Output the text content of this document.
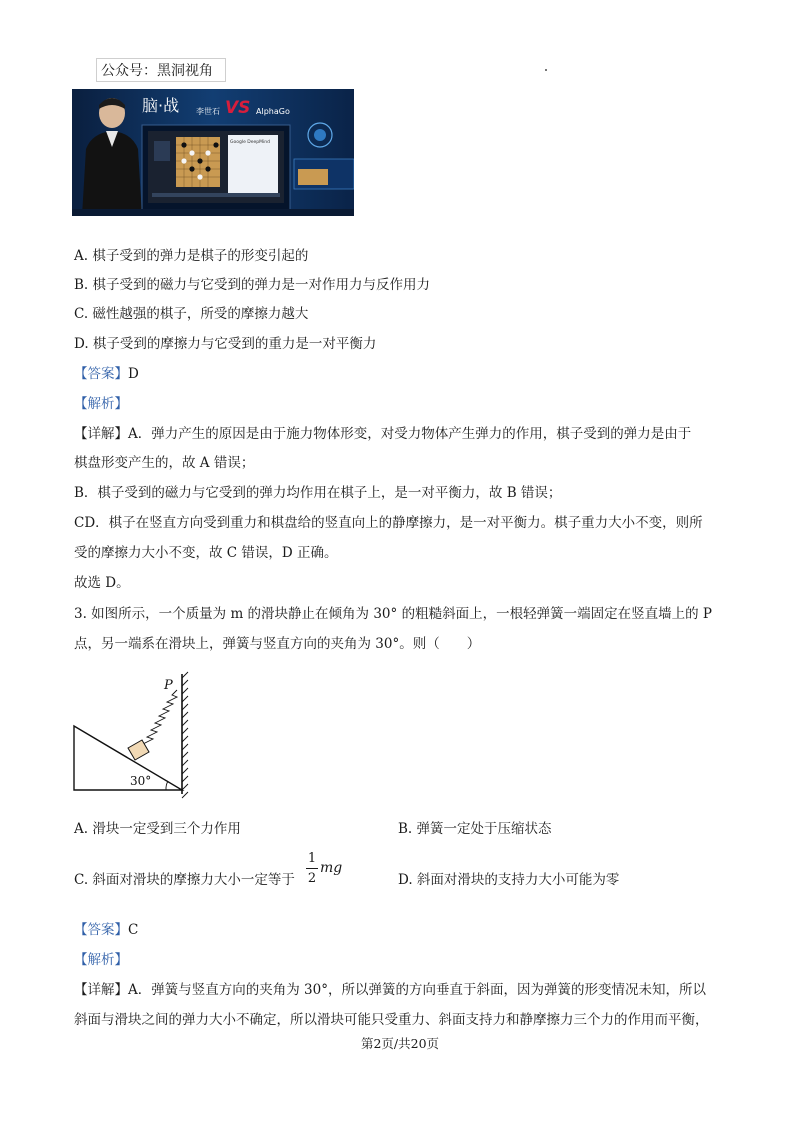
公众号：黑洞视角
脑·战	VS
李世石	AlphaGo
Google DeepMind
A. 棋子受到的弹力是棋子的形变引起的
B. 棋子受到的磁力与它受到的弹力是一对作用力与反作用力
C. 磁性越强的棋子，所受的摩擦力越大
D. 棋子受到的摩擦力与它受到的重力是一对平衡力
【答案】D
【解析】
【详解】A．弹力产生的原因是由于施力物体形变，对受力物体产生弹力的作用，棋子受到的弹力是由于
棋盘形变产生的，故 A 错误；
B．棋子受到的磁力与它受到的弹力均作用在棋子上，是一对平衡力，故 B 错误；
CD．棋子在竖直方向受到重力和棋盘给的竖直向上的静摩擦力，是一对平衡力。棋子重力大小不变，则所
受的摩擦力大小不变，故 C 错误，D 正确。
故选 D。
3. 如图所示，一个质量为 m 的滑块静止在倾角为 30° 的粗糙斜面上，一根轻弹簧一端固定在竖直墙上的 P
点，另一端系在滑块上，弹簧与竖直方向的夹角为 30°。则（　　）
P
30°
A. 滑块一定受到三个力作用	B. 弹簧一定处于压缩状态
C. 斜面对滑块的摩擦力大小一定等于
1
2
mg
D. 斜面对滑块的支持力大小可能为零
【答案】C
【解析】
【详解】A．弹簧与竖直方向的夹角为 30°，所以弹簧的方向垂直于斜面，因为弹簧的形变情况未知，所以
斜面与滑块之间的弹力大小不确定，所以滑块可能只受重力、斜面支持力和静摩擦力三个力的作用而平衡，
第2页/共20页
